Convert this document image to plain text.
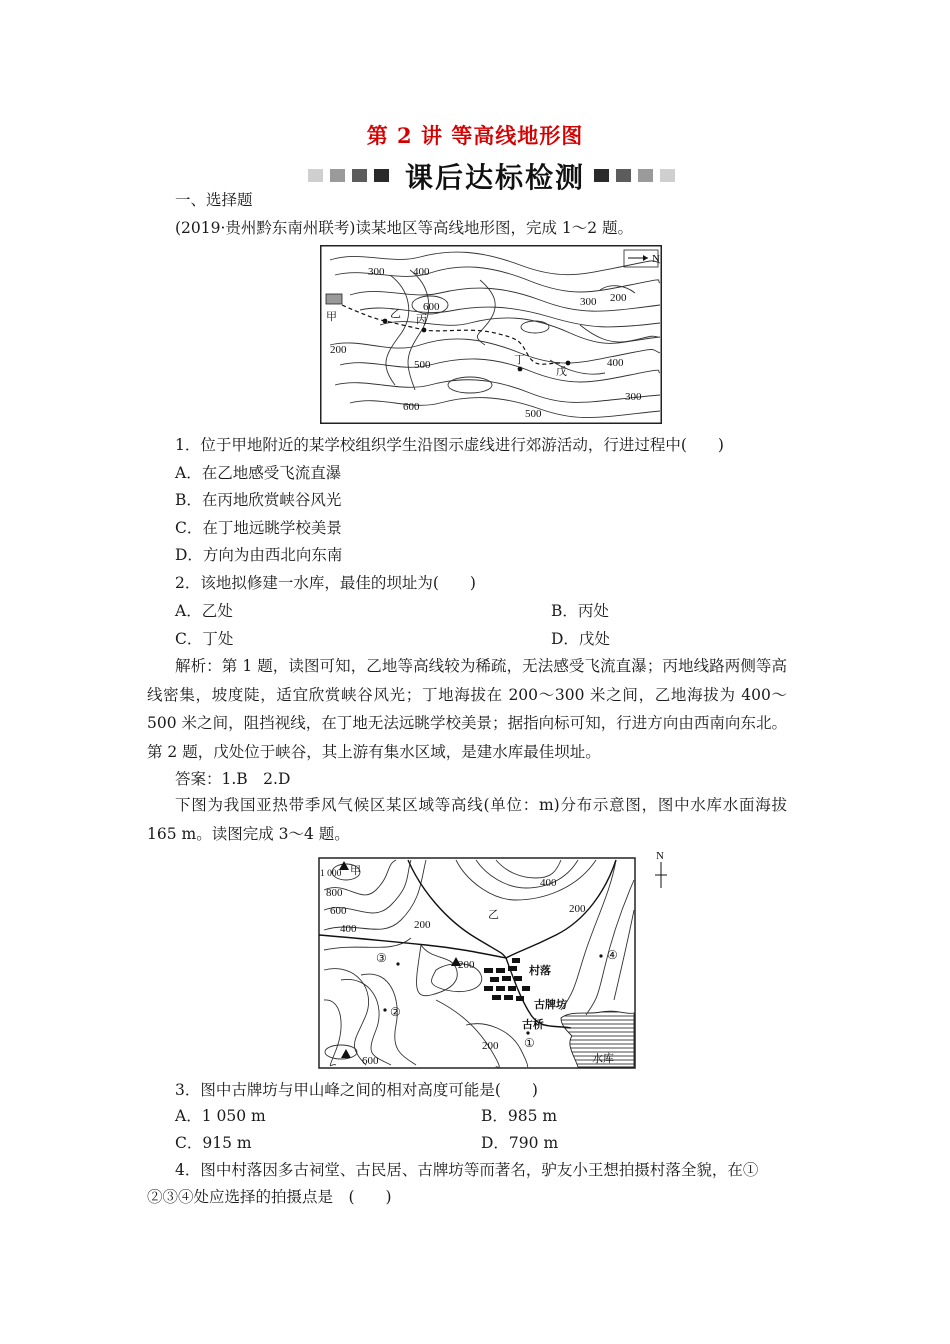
第 2 讲 等高线地形图
课后达标检测
一、选择题
(2019·贵州黔东南州联考)读某地区等高线地形图，完成 1～2 题。
N
300	400
600	300 200
200
500
600
400
300
500
甲	乙 丙
丁
戊
1．位于甲地附近的某学校组织学生沿图示虚线进行郊游活动，行进过程中(　　)
A．在乙地感受飞流直瀑
B．在丙地欣赏峡谷风光
C．在丁地远眺学校美景
D．方向为由西北向东南
2．该地拟修建一水库，最佳的坝址为(　　)
A．乙处	B．丙处
C．丁处	D．戊处
解析：第 1 题，读图可知，乙地等高线较为稀疏，无法感受飞流直瀑；丙地线路两侧等高线密集，坡度陡，适宜欣赏峡谷风光；丁地海拔在 200～300 米之间，乙地海拔为 400～500 米之间，阻挡视线，在丁地无法远眺学校美景；据指向标可知，行进方向由西南向东北。第 2 题，戊处位于峡谷，其上游有集水区域，是建水库最佳坝址。
答案：1.B　2.D
下图为我国亚热带季风气候区某区域等高线(单位：m)分布示意图，图中水库水面海拔 165 m。读图完成 3～4 题。
N
1 000 甲
800
600
400	200
400
乙	200
③	200	村落
④
②	古牌坊
古桥
①
200
600	水库
3．图中古牌坊与甲山峰之间的相对高度可能是(　　)
A．1 050 m	B．985 m
C．915 m	D．790 m
4．图中村落因多古祠堂、古民居、古牌坊等而著名，驴友小王想拍摄村落全貌，在①
②③④处应选择的拍摄点是　(　　)
